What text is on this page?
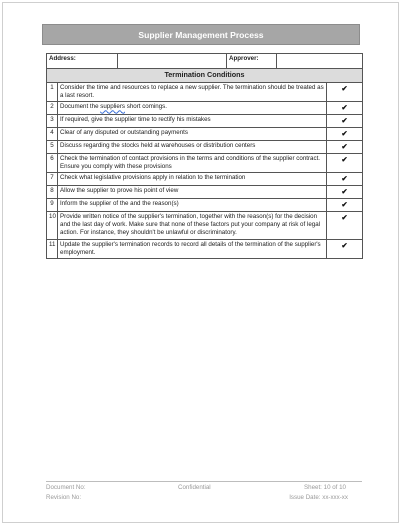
Supplier Management Process
Address:			Approver:		
Termination Conditions					
1	Consider the time and resources to replace a new supplier. The termination should be treated as a last resort.				✔
2	Document the suppliers short comings.				✔
3	If required, give the supplier time to rectify his mistakes				✔
4	Clear of any disputed or outstanding payments				✔
5	Discuss regarding the stocks held at warehouses or distribution centers				✔
6	Check the termination of contact provisions in the terms and conditions of the supplier contract. Ensure you comply with these provisions				✔
7	Check what legislative provisions apply in relation to the termination				✔
8	Allow the supplier to prove his point of view				✔
9	Inform the supplier of the and the reason(s)				✔
10	Provide written notice of the supplier's termination, together with the reason(s) for the decision and the last day of work. Make sure that none of these factors put your company at risk of legal action. For instance, they shouldn't be unlawful or discriminatory.				✔
11	Update the supplier's termination records to record all details of the termination of the supplier's employment.				✔
Document No:	Confidential	Sheet: 10 of 10
Revision No:	Issue Date: xx-xxx-xx
